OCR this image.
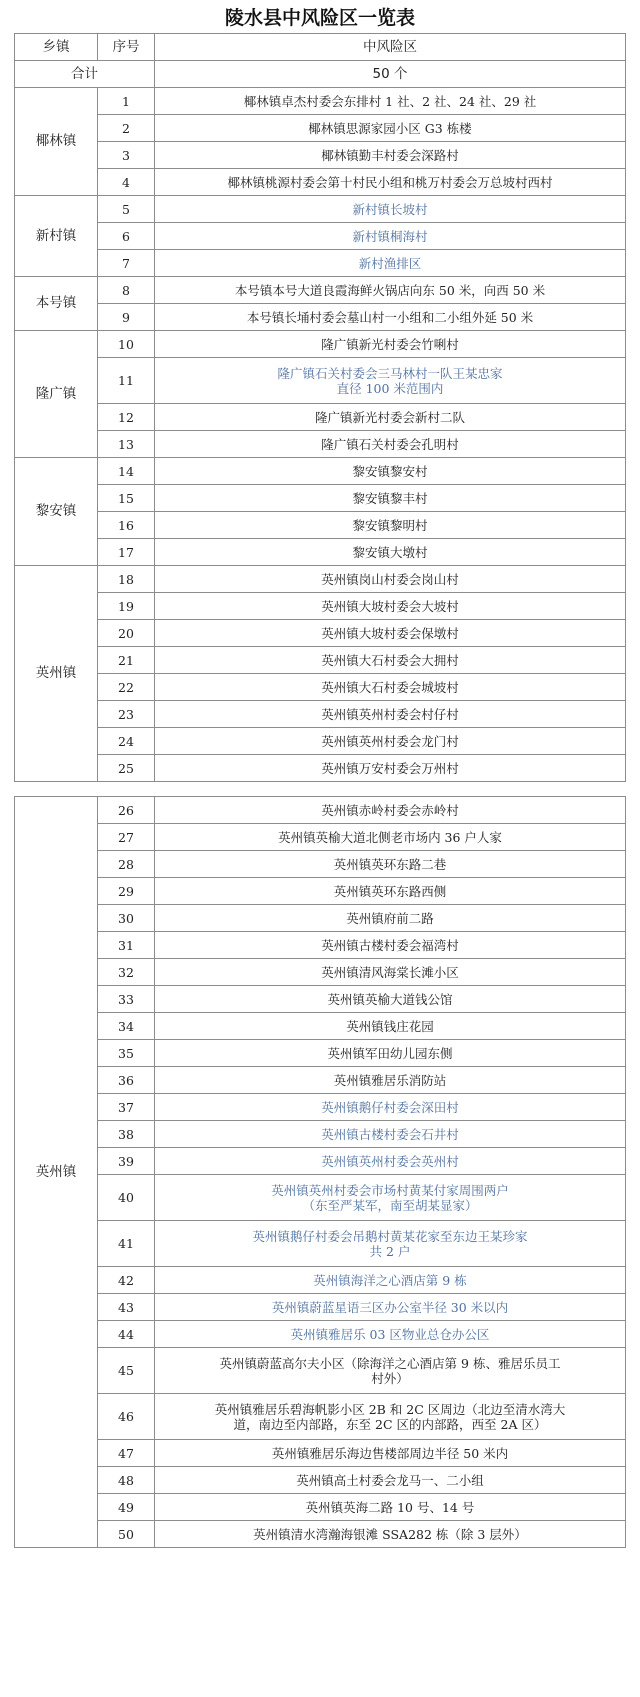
陵水县中风险区一览表
乡镇	序号	中风险区
合计		50 个
椰林镇	1	椰林镇卓杰村委会东排村 1 社、2 社、24 社、29 社
	2	椰林镇思源家园小区 G3 栋楼
	3	椰林镇勤丰村委会深路村
	4	椰林镇桃源村委会第十村民小组和桃万村委会万总坡村西村
新村镇	5	新村镇长坡村
	6	新村镇桐海村
	7	新村渔排区
本号镇	8	本号镇本号大道良霞海鲜火锅店向东 50 米，向西 50 米
	9	本号镇长埇村委会墓山村一小组和二小组外延 50 米
隆广镇	10	隆广镇新光村委会竹唎村
	11	隆广镇石关村委会三马林村一队王某忠家
直径 100 米范围内
	12	隆广镇新光村委会新村二队
	13	隆广镇石关村委会孔明村
黎安镇	14	黎安镇黎安村
	15	黎安镇黎丰村
	16	黎安镇黎明村
	17	黎安镇大墩村
英州镇	18	英州镇岗山村委会岗山村
	19	英州镇大坡村委会大坡村
	20	英州镇大坡村委会保墩村
	21	英州镇大石村委会大拥村
	22	英州镇大石村委会城坡村
	23	英州镇英州村委会村仔村
	24	英州镇英州村委会龙门村
	25	英州镇万安村委会万州村
英州镇	26	英州镇赤岭村委会赤岭村
	27	英州镇英榆大道北侧老市场内 36 户人家
	28	英州镇英环东路二巷
	29	英州镇英环东路西侧
	30	英州镇府前二路
	31	英州镇古楼村委会福湾村
	32	英州镇清风海棠长滩小区
	33	英州镇英榆大道钱公馆
	34	英州镇钱庄花园
	35	英州镇军田幼儿园东侧
	36	英州镇雅居乐消防站
	37	英州镇鹅仔村委会深田村
	38	英州镇古楼村委会石井村
	39	英州镇英州村委会英州村
	40	英州镇英州村委会市场村黄某付家周围两户
（东至严某军，南至胡某显家）
	41	英州镇鹅仔村委会吊鹅村黄某花家至东边王某珍家
共 2 户
	42	英州镇海洋之心酒店第 9 栋
	43	英州镇蔚蓝星语三区办公室半径 30 米以内
	44	英州镇雅居乐 03 区物业总仓办公区
	45	英州镇蔚蓝高尔夫小区（除海洋之心酒店第 9 栋、雅居乐员工
村外）
	46	英州镇雅居乐碧海帆影小区 2B 和 2C 区周边（北边至清水湾大
道，南边至内部路，东至 2C 区的内部路，西至 2A 区）
	47	英州镇雅居乐海边售楼部周边半径 50 米内
	48	英州镇高土村委会龙马一、二小组
	49	英州镇英海二路 10 号、14 号
	50	英州镇清水湾瀚海银滩 SSA282 栋（除 3 层外）
